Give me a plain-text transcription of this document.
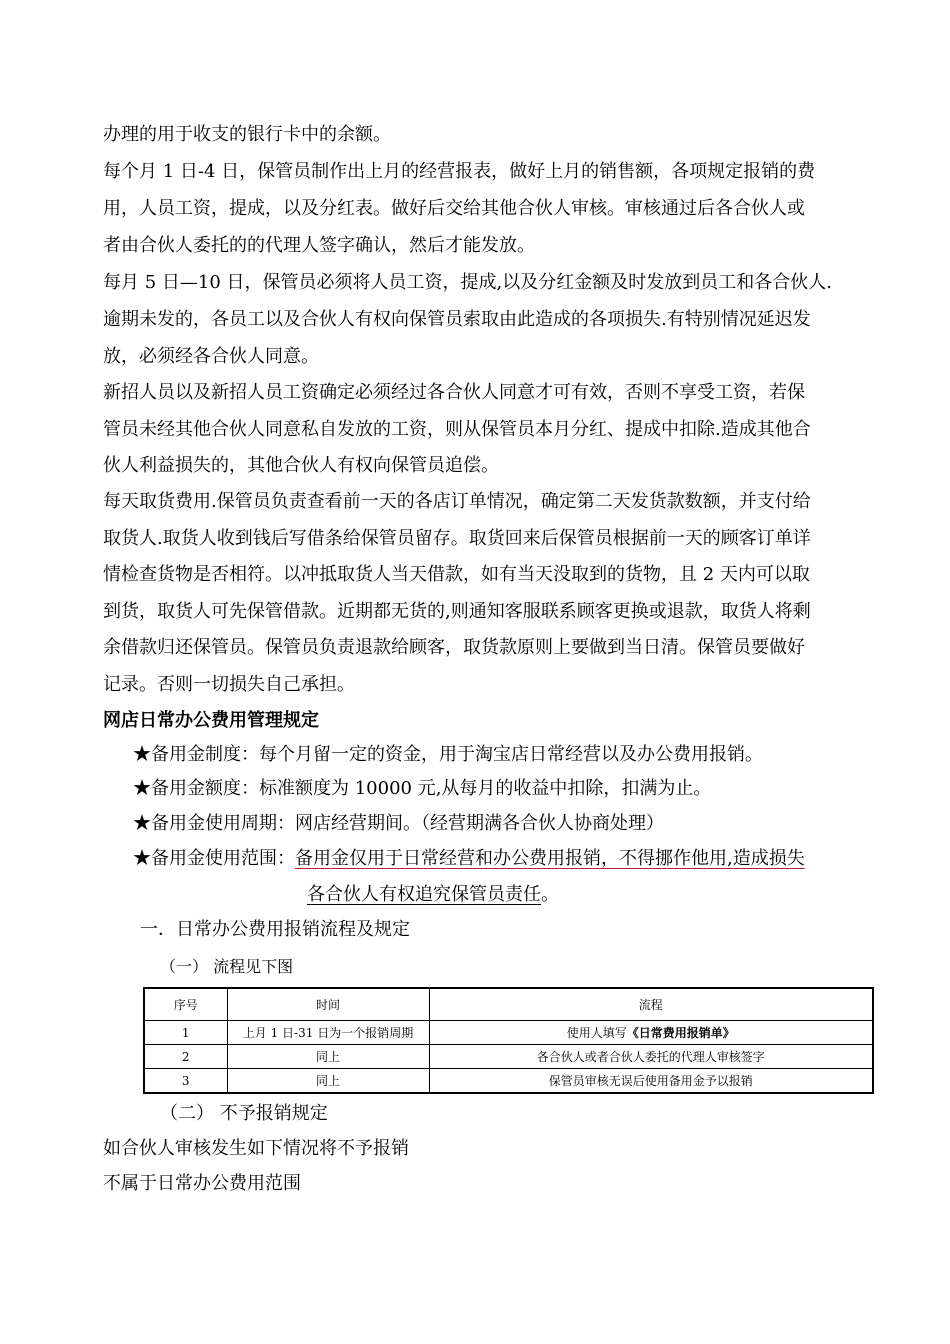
办理的用于收支的银行卡中的余额。
每个月 1 日-4 日，保管员制作出上月的经营报表，做好上月的销售额，各项规定报销的费
用，人员工资，提成，以及分红表。做好后交给其他合伙人审核。审核通过后各合伙人或
者由合伙人委托的的代理人签字确认，然后才能发放。
每月 5 日—10 日，保管员必须将人员工资，提成,以及分红金额及时发放到员工和各合伙人.
逾期未发的，各员工以及合伙人有权向保管员索取由此造成的各项损失.有特别情况延迟发
放，必须经各合伙人同意。
新招人员以及新招人员工资确定必须经过各合伙人同意才可有效，否则不享受工资，若保
管员未经其他合伙人同意私自发放的工资，则从保管员本月分红、提成中扣除.造成其他合
伙人利益损失的，其他合伙人有权向保管员追偿。
每天取货费用.保管员负责查看前一天的各店订单情况，确定第二天发货款数额，并支付给
取货人.取货人收到钱后写借条给保管员留存。取货回来后保管员根据前一天的顾客订单详
情检查货物是否相符。以冲抵取货人当天借款，如有当天没取到的货物，且 2 天内可以取
到货，取货人可先保管借款。近期都无货的,则通知客服联系顾客更换或退款，取货人将剩
余借款归还保管员。保管员负责退款给顾客，取货款原则上要做到当日清。保管员要做好
记录。否则一切损失自己承担。
网店日常办公费用管理规定
★备用金制度：每个月留一定的资金，用于淘宝店日常经营以及办公费用报销。
★备用金额度：标准额度为 10000 元,从每月的收益中扣除，扣满为止。
★备用金使用周期：网店经营期间。（经营期满各合伙人协商处理）
★备用金使用范围：备用金仅用于日常经营和办公费用报销，不得挪作他用,造成损失
各合伙人有权追究保管员责任。
一．日常办公费用报销流程及规定
（一） 流程见下图
序号	时间	流程
1	上月 1 日-31 日为一个报销周期	使用人填写《日常费用报销单》
2	同上	各合伙人或者合伙人委托的代理人审核签字
3	同上	保管员审核无误后使用备用金予以报销
（二） 不予报销规定
如合伙人审核发生如下情况将不予报销
不属于日常办公费用范围
